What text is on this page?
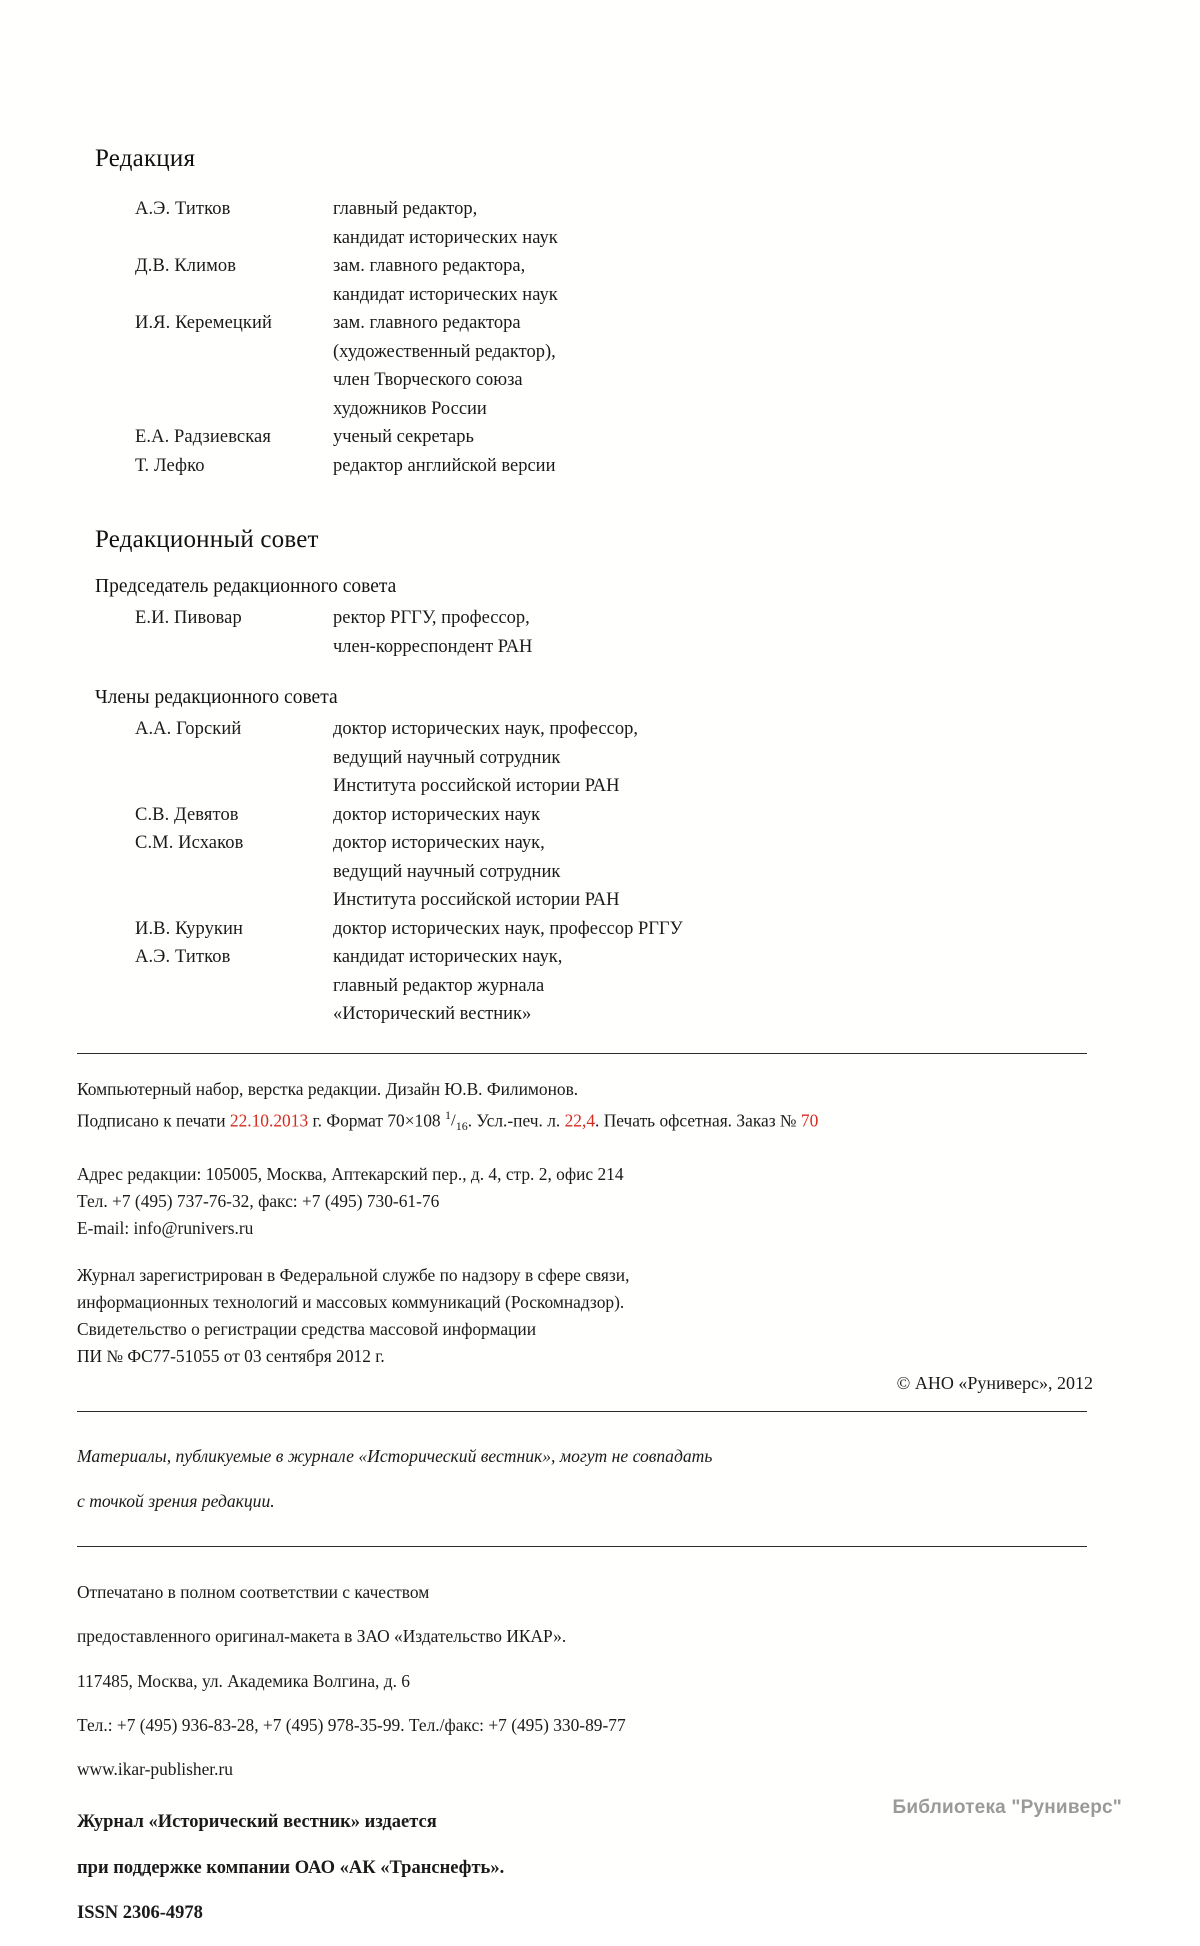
Редакция
А.Э. Титков	главный редактор,
кандидат исторических наук

Д.В. Климов	зам. главного редактора,
кандидат исторических наук

И.Я. Керемецкий	зам. главного редактора
(художественный редактор),
член Творческого союза
художников России

Е.А. Радзиевская	ученый секретарь

Т. Лефко	редактор английской версии
Редакционный совет
Председатель редакционного совета
Е.И. Пивовар	ректор РГГУ, профессор,
член-корреспондент РАН
Члены редакционного совета
А.А. Горский	доктор исторических наук, профессор,
ведущий научный сотрудник
Института российской истории РАН

С.В. Девятов	доктор исторических наук

С.М. Исхаков	доктор исторических наук,
ведущий научный сотрудник
Института российской истории РАН

И.В. Курукин	доктор исторических наук, профессор РГГУ

А.Э. Титков	кандидат исторических наук,
главный редактор журнала
«Исторический вестник»

Компьютерный набор, верстка редакции. Дизайн Ю.В. Филимонов.

Подписано к печати 22.10.2013 г. Формат 70×108 $^1/_{16}$. Усл.-печ. л. 22,4. Печать офсетная. Заказ № 70

Адрес редакции: 105005, Москва, Аптекарский пер., д. 4, стр. 2, офис 214

Тел. +7 (495) 737-76-32, факс: +7 (495) 730-61-76

E-mail: info@runivers.ru

Журнал зарегистрирован в Федеральной службе по надзору в сфере связи,

информационных технологий и массовых коммуникаций (Роскомнадзор).

Свидетельство о регистрации средства массовой информации

ПИ № ФС77-51055 от 03 сентября 2012 г.

© АНО «Руниверс», 2012

Материалы, публикуемые в журнале «Исторический вестник», могут не совпадать

с точкой зрения редакции.

Отпечатано в полном соответствии с качеством

предоставленного оригинал-макета в ЗАО «Издательство ИКАР».

117485, Москва, ул. Академика Волгина, д. 6

Тел.: +7 (495) 936-83-28, +7 (495) 978-35-99. Тел./факс: +7 (495) 330-89-77

www.ikar-publisher.ru

Журнал «Исторический вестник» издается

при поддержке компании ОАО «АК «Транснефть».

ISSN 2306-4978

Библиотека "Руниверс"
